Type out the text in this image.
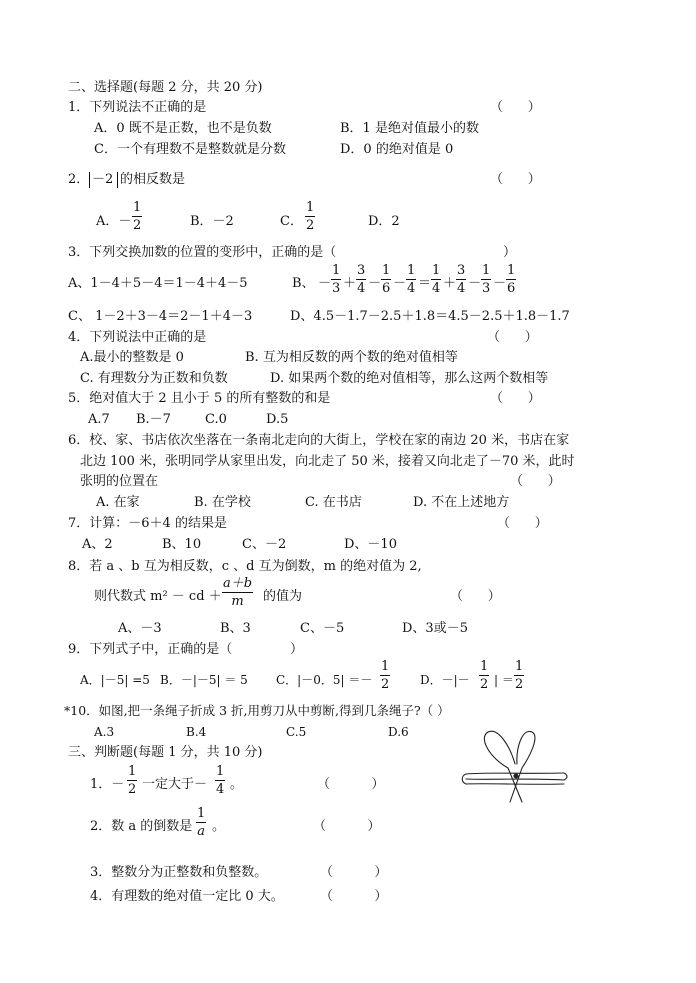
二、选择题(每题 2 分，共 20 分)
1．下列说法不正确的是	（      ）
A．0 既不是正数，也不是负数	B．1 是绝对值最小的数
C．一个有理数不是整数就是分数	D．0 的绝对值是 0
2． －2 的相反数是	（      ）
A．－
1
2	B．－2	C．
1
2	D．2
3．下列交换加数的位置的变形中，正确的是（	）
A、1－4＋5－4＝1－4＋4－5	B、 －
1
3 ＋
3
4 －
1
6 －
1
4 ＝
1
4 ＋
3
4 －
1
3 －
1
6
C、 1－2＋3－4＝2－1＋4－3	D、4.5－1.7－2.5＋1.8＝4.5－2.5＋1.8－1.7
4．下列说法中正确的是	（      ）
A.最小的整数是 0	B. 互为相反数的两个数的绝对值相等
C. 有理数分为正数和负数	D. 如果两个数的绝对值相等，那么这两个数相等
5．绝对值大于 2 且小于 5 的所有整数的和是	（      ）
A.7 B.－7	C.0	D.5
6．校、家、书店依次坐落在一条南北走向的大街上，学校在家的南边 20 米，书店在家
北边 100 米，张明同学从家里出发，向北走了 50 米，接着又向北走了－70 米，此时
张明的位置在	（      ）
A. 在家	B. 在学校	C. 在书店	D. 不在上述地方
7．计算：－6＋4 的结果是	（      ）
A、2	B、10	C、－2	D、－10
8．若 a 、b 互为相反数，c 、d 互为倒数，m 的绝对值为 2,
则代数式 m² － cd ＋
a＋b
m 的值为	（      ）
A、－3	B、3	C、－5	D、3或－5
9．下列式子中，正确的是（	）
A．|－5| =5 B．－|－5| ＝ 5 C．|－0．5| ＝－
1
2	D．－|－
1
2 | ＝
1
2
*10．如图,把一条绳子折成 3 折,用剪刀从中剪断,得到几条绳子?（ ）
A.3	B.4	C.5	D.6
三、判断题(每题 1 分，共 10 分)
1．－
1
2 一定大于－
1
4 。	（          ）
2．数 a 的倒数是
1
a 。	（          ）
3．整数分为正整数和负整数。	（          ）
4．有理数的绝对值一定比 0 大。	（          ）
